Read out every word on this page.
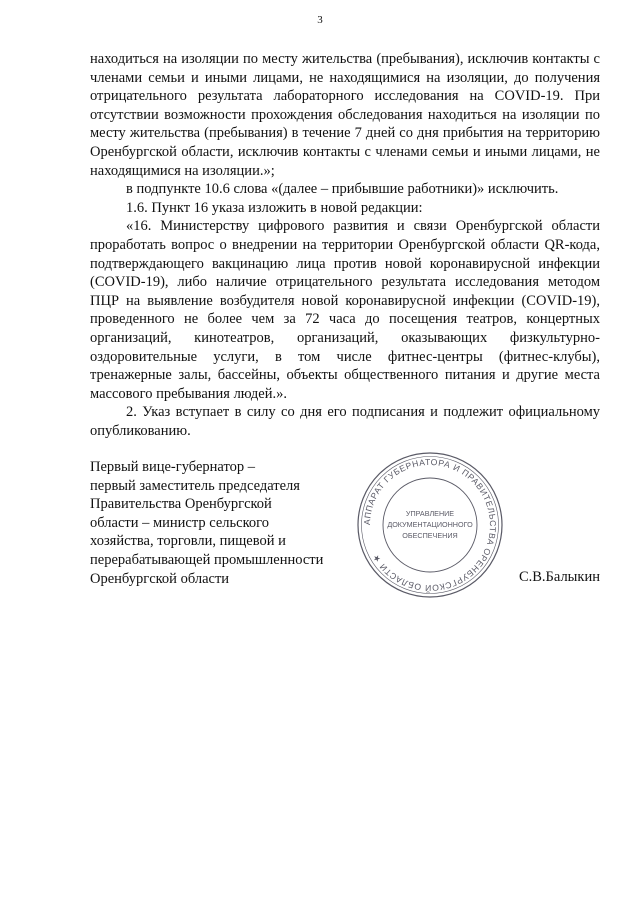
3

находиться на изоляции по месту жительства (пребывания), исключив контакты с членами семьи и иными лицами, не находящимися на изоляции, до получения отрицательного результата лабораторного исследования на COVID-19. При отсутствии возможности прохождения обследования находиться на изоляции по месту жительства (пребывания) в течение 7 дней со дня прибытия на территорию Оренбургской области, исключив контакты с членами семьи и иными лицами, не находящимися на изоляции.»;

в подпункте 10.6 слова «(далее – прибывшие работники)» исключить.

1.6. Пункт 16 указа изложить в новой редакции:

«16. Министерству цифрового развития и связи Оренбургской области проработать вопрос о внедрении на территории Оренбургской области QR-кода, подтверждающего вакцинацию лица против новой коронавирусной инфекции (COVID-19), либо наличие отрицательного результата исследования методом ПЦР на выявление возбудителя новой коронавирусной инфекции (COVID-19), проведенного не более чем за 72 часа до посещения театров, концертных организаций, кинотеатров, организаций, оказывающих физкультурно-оздоровительные услуги, в том числе фитнес-центры (фитнес-клубы), тренажерные залы, бассейны, объекты общественного питания и другие места массового пребывания людей.».

2. Указ вступает в силу со дня его подписания и подлежит официальному опубликованию.

Первый вице-губернатор –
первый заместитель председателя
Правительства Оренбургской
области – министр сельского
хозяйства, торговли, пищевой и
перерабатывающей промышленности
Оренбургской области	С.В.Балыкин
АППАРАТ ГУБЕРНАТОРА И ПРАВИТЕЛЬСТВА ОРЕНБУРГСКОЙ ОБЛАСТИ ★
УПРАВЛЕНИЕ
ДОКУМЕНТАЦИОННОГО
ОБЕСПЕЧЕНИЯ
